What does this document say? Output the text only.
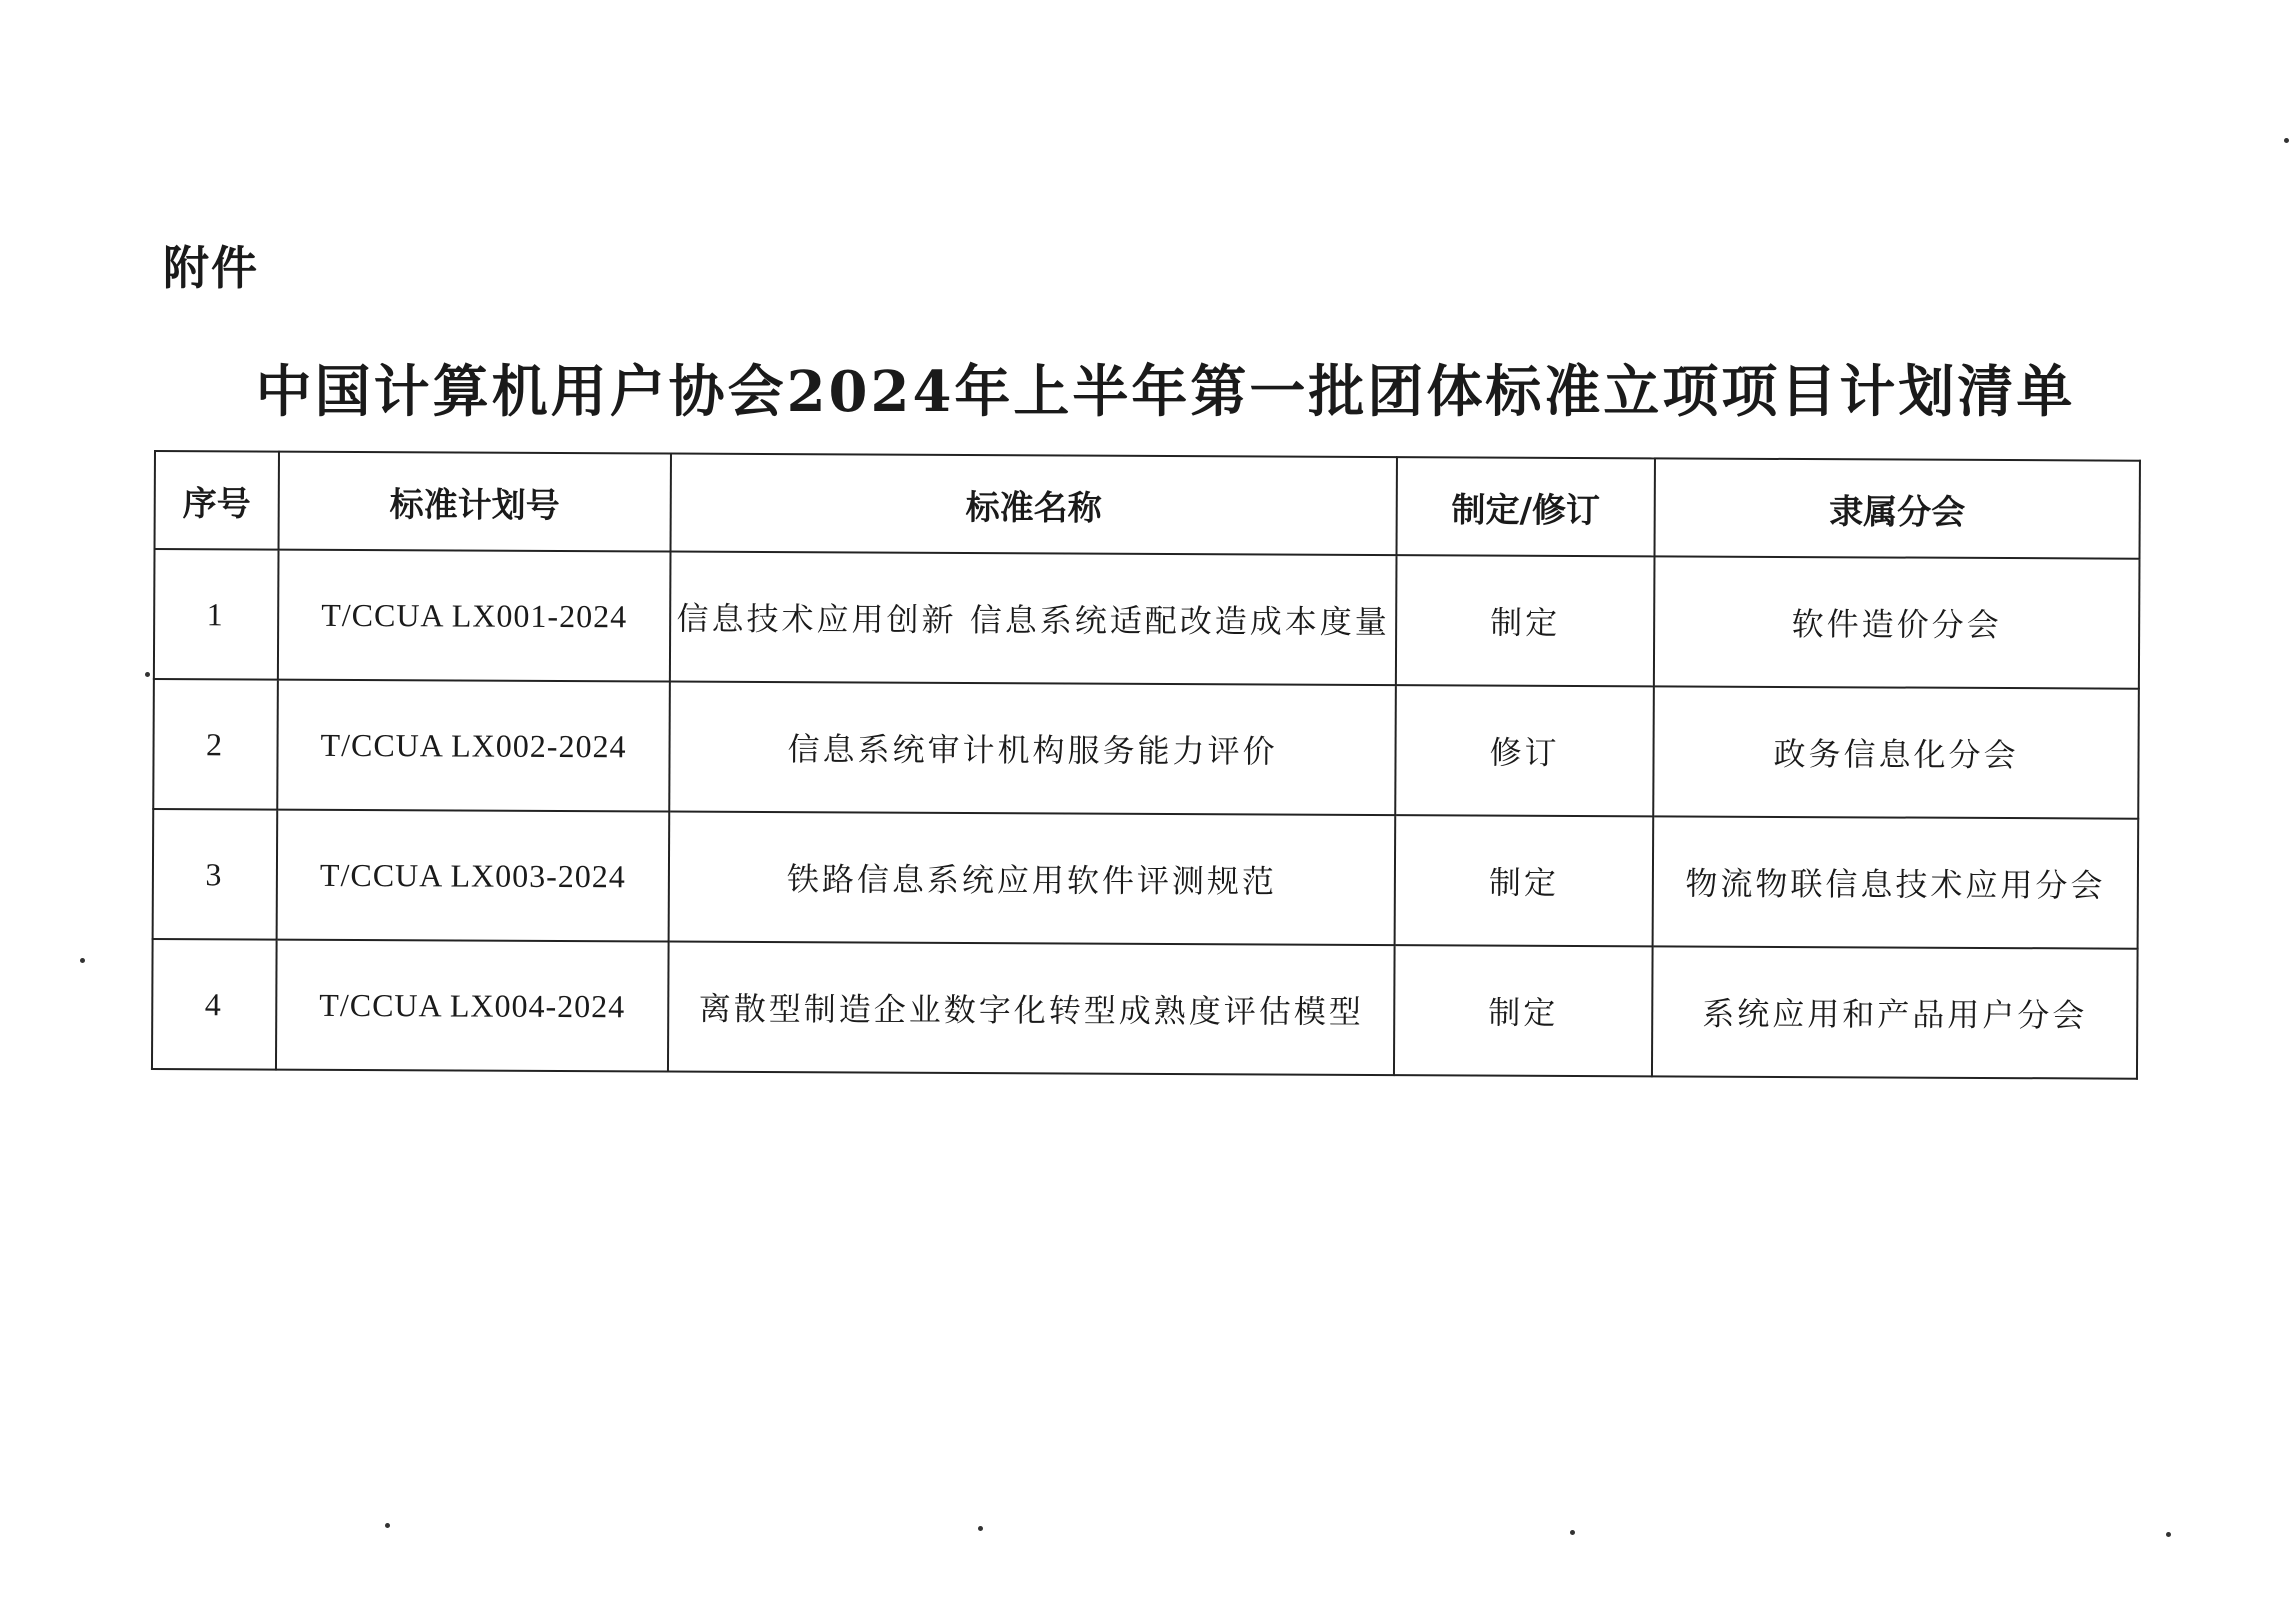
附件
中国计算机用户协会2024年上半年第一批团体标准立项项目计划清单
序号	标准计划号	标准名称	制定/修订	隶属分会
1	T/CCUA LX001-2024	信息技术应用创新 信息系统适配改造成本度量	制定	软件造价分会
2	T/CCUA LX002-2024	信息系统审计机构服务能力评价	修订	政务信息化分会
3	T/CCUA LX003-2024	铁路信息系统应用软件评测规范	制定	物流物联信息技术应用分会
4	T/CCUA LX004-2024	离散型制造企业数字化转型成熟度评估模型	制定	系统应用和产品用户分会
